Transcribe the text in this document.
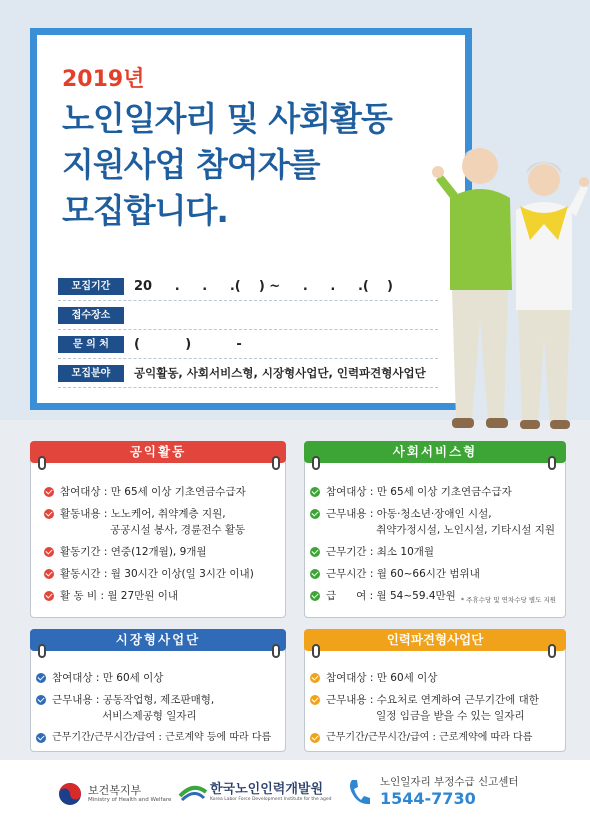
2019년
노인일자리 및 사회활동
지원사업 참여자를
모집합니다.
모집기간	20     .     .     .(    ) ~     .     .     .(    )
접수장소
문 의 처	(          )          -
모집분야	공익활동, 사회서비스형, 시장형사업단, 인력파견형사업단
공익활동
참여대상 : 만 65세 이상 기초연금수급자
활동내용 : 노노케어, 취약계층 지원,
공공시설 봉사, 경륜전수 활동
활동기간 : 연중(12개월), 9개월
활동시간 : 월 30시간 이상(일 3시간 이내)
활 동 비 : 월 27만원 이내
사회서비스형
참여대상 : 만 65세 이상 기초연금수급자
근무내용 : 아동·청소년·장애인 시설,
취약가정시설, 노인시설, 기타시설 지원
근무기간 : 최소 10개월
근무시간 : 월 60~66시간 범위내
급      여 : 월 54~59.4만원 * 주휴수당 및 연차수당 별도 지원
시장형사업단
참여대상 : 만 60세 이상
근무내용 : 공동작업형, 제조판매형,
서비스제공형 일자리
근무기간/근무시간/급여 : 근로계약 등에 따라 다름
인력파견형사업단
참여대상 : 만 60세 이상
근무내용 : 수요처로 연계하여 근무기간에 대한
일정 임금을 받을 수 있는 일자리
근무기간/근무시간/급여 : 근로계약에 따라 다름
보건복지부
Ministry of Health and Welfare
한국노인인력개발원
Korea Labor Force Development Institute for the aged
노인일자리 부정수급 신고센터
1544-7730
